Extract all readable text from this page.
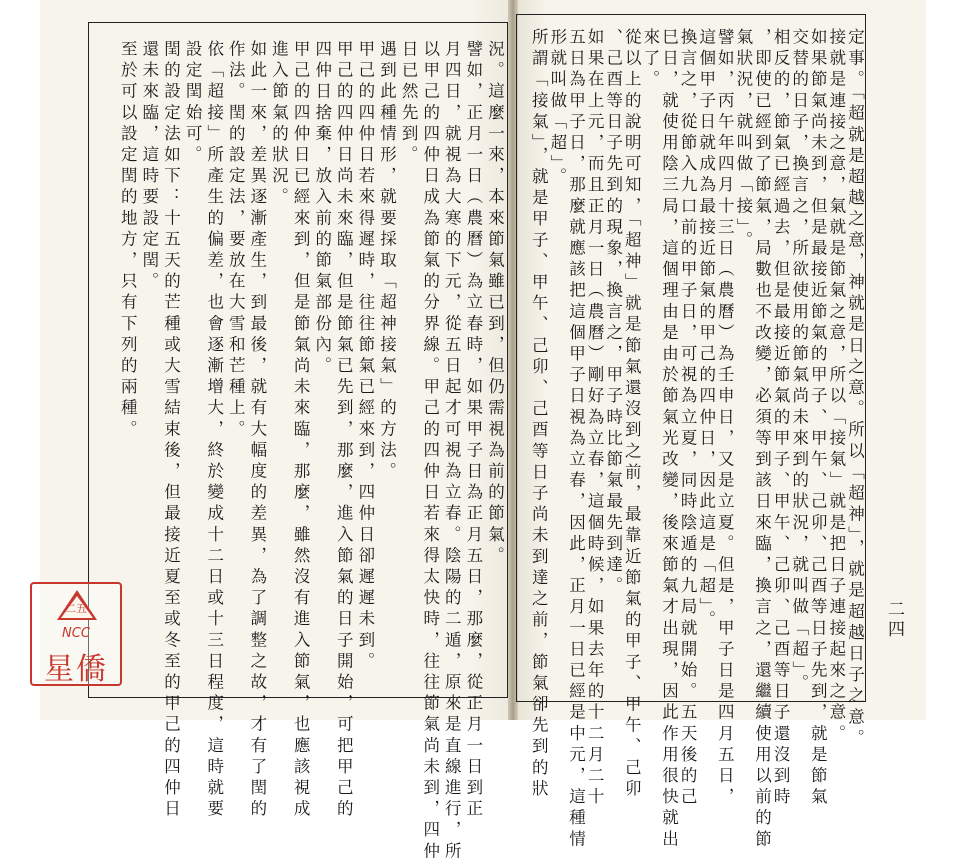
定事。「超就是超越之意，神就是日之意。所以「超神」，就是超越日子之意。
接就是連接之意，氣就是節氣之意，所以「接氣」就是把日子連接起來之意。
如果節氣尚未到，但是最接近節氣的甲子、甲午、己卯、己酉等日子先到，就是節氣
交替的日子，換言之，所欲使用的節氣尚未來到的狀況，就叫做「超」。
相反的，節氣已經過去，但是最接近節氣的甲子、甲午、己卯、己酉等日子還沒到時
，即使已經到了節氣，局數也不改變，必須等到該日來臨，換言之，還繼續使用以前的節
氣狀況，就叫做「接」。
譬如，丙午年四月十三日（農曆）為壬申日，又是立夏。但是，甲子日是四月五日，
這個甲子日就成為最接近節氣的甲己的四仲日，因此這是「超」。
換言之，從節入九口前的甲子日，可視為立夏，同時陰遁的九局就開始。五天後的己
巳日，就使用陰三局，這個理由是由於節氣光改變，後來節氣才出現，因此作用很快就出
來了。
從以上的說明可知，「超神」就是節氣還沒到之前，最靠近節氣的甲子、甲午、己卯
、己酉等日子先到的現象，換言之，甲子時比節氣最先到達。
如果在上元，而且正月一日（農曆）剛好為立春，這個時候，如果去年的十二月二十
五日為甲子日，那麼就應該把這個甲子日視為立春，因此，正月一日已經是中元，這種情
形就叫做「超」。
所謂「接氣」，就是甲子、甲午、己卯、己酉等日子尚未到達之前，節氣卻先到的狀
況。這麼一來，本來節氣雖已到，但仍需視為前的節氣。
譬如，正月一日（農曆）為立春時，如果甲子日為正月五日，那麼，從正月一日到正
月四日，就視為大寒的下元，從五日起才可視為立春。陰陽的二遁，原來是直線進行，所
以甲己的四仲日成為節氣的分界線。甲己的四仲日若來得太快時，往往節氣尚未到，四仲
日已然先到。
遇到此種情形，就要採取「超神接氣」的方法。
甲己的四仲日若來得遲時，往往節氣已經來到，四仲日卻遲遲未到。
甲己的四仲日尚未來臨，但是節氣已先到，那麼，進入節氣的日子開始，可把甲己的
四仲日捨棄，放入前的節氣部份內。
甲己的四仲日已經來到，但是節氣尚未來臨，那麼，雖然沒有進入節氣，也應該視成
進入節氣的狀況。
如此一來，差異逐漸產生，到最後，就有大幅度的差異，為了調整之故，才有了閏的
作法。閏的設定法，要放在大雪和芒種上。
依「超接」所產生的偏差，也會逐漸增大，終於變成十二日或十三日程度，這時就要
設定閏始可。
閏的設定法如下：十五天的芒種或大雪結束後，但最接近夏至或冬至的甲己的四仲日
還未來臨，這時要設定閏。
至於可以設定閏的地方，只有下列的兩種。
二四
二五
NCC
星僑
